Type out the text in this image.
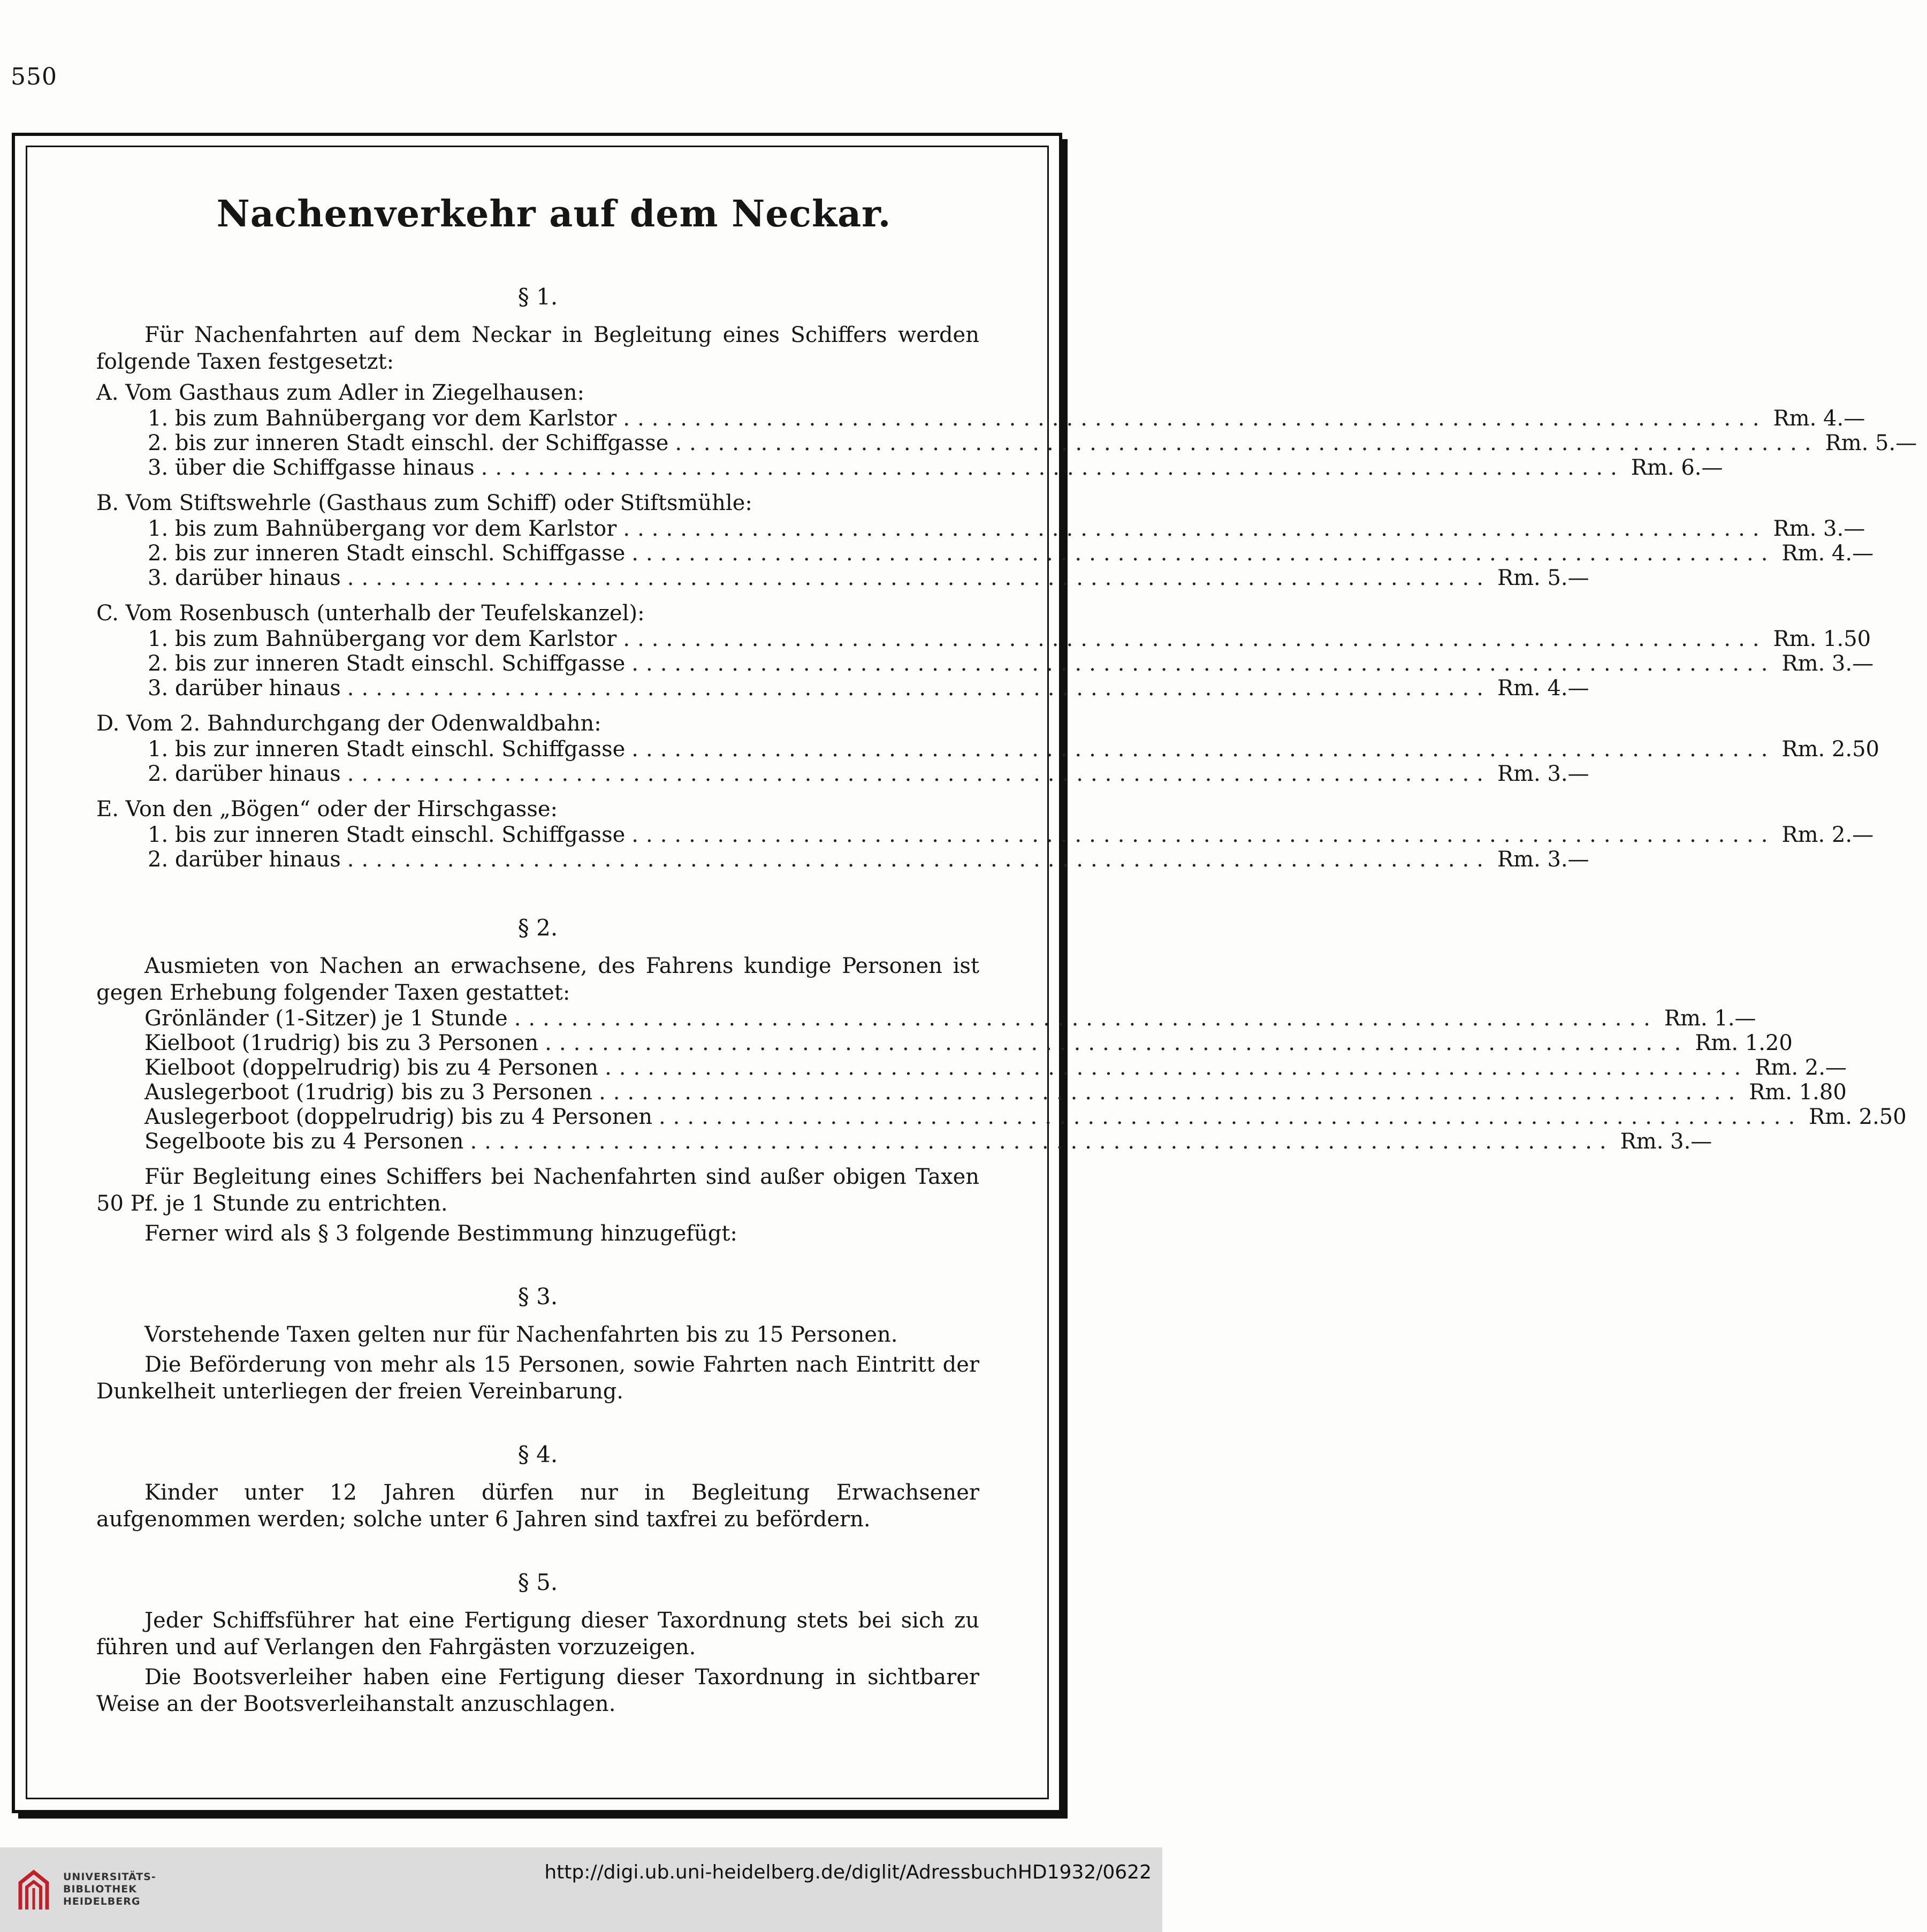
550
Nachenverkehr auf dem Neckar.
§ 1.

Für Nachenfahrten auf dem Neckar in Begleitung eines Schiffers werden folgende Taxen festgesetzt:

A. Vom Gasthaus zum Adler in Ziegelhausen:
1. bis zum Bahnübergang vor dem Karlstor ................................................................................ Rm. 4.—
2. bis zur inneren Stadt einschl. der Schiffgasse ................................................................................ Rm. 5.—
3. über die Schiffgasse hinaus ................................................................................ Rm. 6.—
B. Vom Stiftswehrle (Gasthaus zum Schiff) oder Stiftsmühle:
1. bis zum Bahnübergang vor dem Karlstor ................................................................................ Rm. 3.—
2. bis zur inneren Stadt einschl. Schiffgasse ................................................................................ Rm. 4.—
3. darüber hinaus ................................................................................ Rm. 5.—
C. Vom Rosenbusch (unterhalb der Teufelskanzel):
1. bis zum Bahnübergang vor dem Karlstor ................................................................................ Rm. 1.50
2. bis zur inneren Stadt einschl. Schiffgasse ................................................................................ Rm. 3.—
3. darüber hinaus ................................................................................ Rm. 4.—
D. Vom 2. Bahndurchgang der Odenwaldbahn:
1. bis zur inneren Stadt einschl. Schiffgasse ................................................................................ Rm. 2.50
2. darüber hinaus ................................................................................ Rm. 3.—
E. Von den „Bögen“ oder der Hirschgasse:
1. bis zur inneren Stadt einschl. Schiffgasse ................................................................................ Rm. 2.—
2. darüber hinaus ................................................................................ Rm. 3.—
§ 2.

Ausmieten von Nachen an erwachsene, des Fahrens kundige Personen ist gegen Erhebung folgender Taxen gestattet:

Grönländer (1-Sitzer) je 1 Stunde ................................................................................ Rm. 1.—
Kielboot (1rudrig) bis zu 3 Personen ................................................................................ Rm. 1.20
Kielboot (doppelrudrig) bis zu 4 Personen ................................................................................ Rm. 2.—
Auslegerboot (1rudrig) bis zu 3 Personen ................................................................................ Rm. 1.80
Auslegerboot (doppelrudrig) bis zu 4 Personen ................................................................................ Rm. 2.50
Segelboote bis zu 4 Personen ................................................................................ Rm. 3.—

Für Begleitung eines Schiffers bei Nachenfahrten sind außer obigen Taxen 50 Pf. je 1 Stunde zu entrichten.

Ferner wird als § 3 folgende Bestimmung hinzugefügt:

§ 3.

Vorstehende Taxen gelten nur für Nachenfahrten bis zu 15 Personen.

Die Beförderung von mehr als 15 Personen, sowie Fahrten nach Eintritt der Dunkelheit unterliegen der freien Vereinbarung.

§ 4.

Kinder unter 12 Jahren dürfen nur in Begleitung Erwachsener aufgenommen werden; solche unter 6 Jahren sind taxfrei zu befördern.

§ 5.

Jeder Schiffsführer hat eine Fertigung dieser Taxordnung stets bei sich zu führen und auf Verlangen den Fahrgästen vorzuzeigen.

Die Bootsverleiher haben eine Fertigung dieser Taxordnung in sichtbarer Weise an der Bootsverleihanstalt anzuschlagen.

UNIVERSITÄTS-
BIBLIOTHEK
HEIDELBERG
http://digi.ub.uni-heidelberg.de/diglit/AdressbuchHD1932/0622
